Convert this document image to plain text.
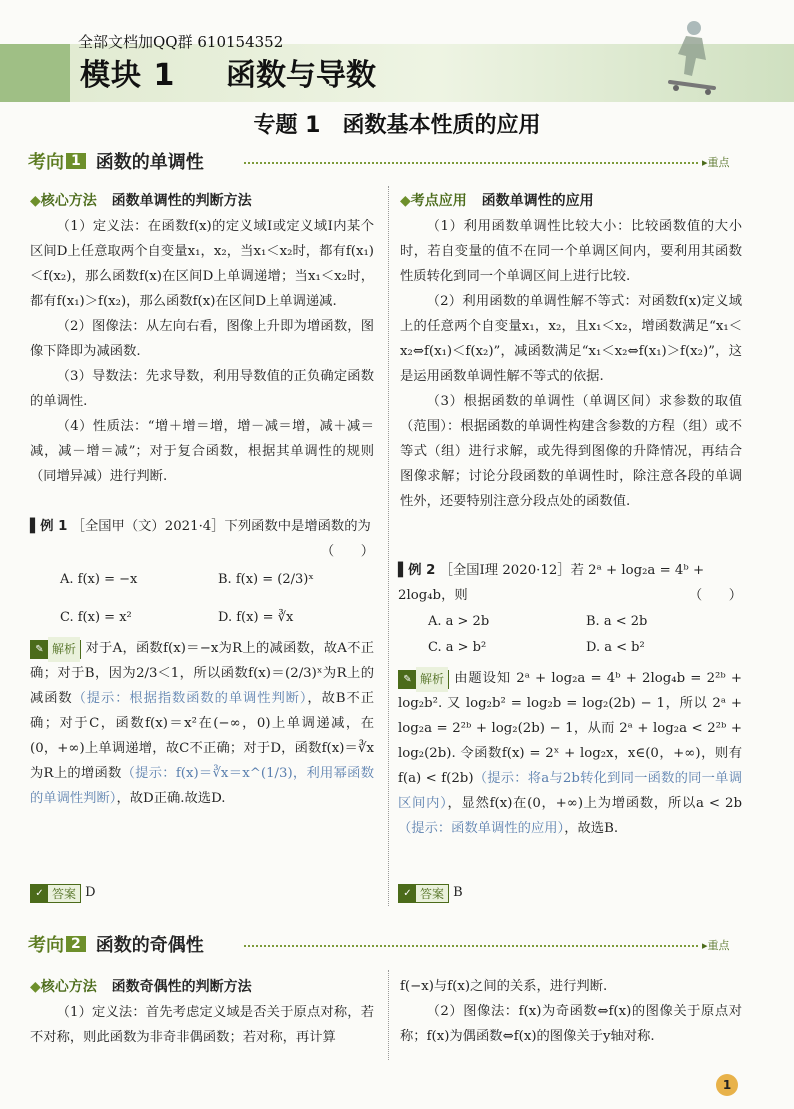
全部文档加QQ群 610154352
模块 1 函数与导数
专题 1　函数基本性质的应用
考向 1 函数的单调性	▸重点
◆核心方法 函数单调性的判断方法
（1）定义法：在函数f(x)的定义域I或定义域I内某个区间D上任意取两个自变量x₁，x₂，当x₁＜x₂时，都有f(x₁)＜f(x₂)，那么函数f(x)在区间D上单调递增；当x₁＜x₂时，都有f(x₁)＞f(x₂)，那么函数f(x)在区间D上单调递减.
（2）图像法：从左向右看，图像上升即为增函数，图像下降即为减函数.
（3）导数法：先求导数，利用导数值的正负确定函数的单调性.
（4）性质法：“增＋增＝增，增－减＝增，减＋减＝减，减－增＝减”；对于复合函数，根据其单调性的规则（同增异减）进行判断.
▌例 1 ［全国甲（文）2021·4］下列函数中是增函数的为
（　　）
A. f(x) = −x	B. f(x) = (2/3)ˣ
C. f(x) = x²	D. f(x) = ∛x
✎ 解析 对于A，函数f(x)＝−x为R上的减函数，故A不正确；对于B，因为2/3＜1，所以函数f(x)＝(2/3)ˣ为R上的减函数（提示：根据指数函数的单调性判断），故B不正确；对于C，函数f(x)＝x²在(−∞，0)上单调递减，在(0，+∞)上单调递增，故C不正确；对于D，函数f(x)＝∛x为R上的增函数（提示：f(x)＝∛x＝x^(1/3)，利用幂函数的单调性判断），故D正确.故选D.
✓ 答案 D
◆考点应用 函数单调性的应用
（1）利用函数单调性比较大小：比较函数值的大小时，若自变量的值不在同一个单调区间内，要利用其函数性质转化到同一个单调区间上进行比较.
（2）利用函数的单调性解不等式：对函数f(x)定义域上的任意两个自变量x₁，x₂，且x₁＜x₂，增函数满足“x₁＜x₂⇔f(x₁)＜f(x₂)”，减函数满足“x₁＜x₂⇔f(x₁)＞f(x₂)”，这是运用函数单调性解不等式的依据.
（3）根据函数的单调性（单调区间）求参数的取值（范围）：根据函数的单调性构建含参数的方程（组）或不等式（组）进行求解，或先得到图像的升降情况，再结合图像求解；讨论分段函数的单调性时，除注意各段的单调性外，还要特别注意分段点处的函数值.
▌例 2 ［全国Ⅰ理 2020·12］若 2ᵃ + log₂a = 4ᵇ + 2log₄b，则	（　　）
A. a > 2b	B. a < 2b
C. a > b²	D. a < b²
✎ 解析 由题设知 2ᵃ + log₂a = 4ᵇ + 2log₄b = 2²ᵇ + log₂b². 又 log₂b² = log₂b = log₂(2b) − 1，所以 2ᵃ + log₂a = 2²ᵇ + log₂(2b) − 1，从而 2ᵃ + log₂a < 2²ᵇ + log₂(2b). 令函数f(x) = 2ˣ + log₂x，x∈(0，+∞)，则有f(a) < f(2b)（提示：将a与2b转化到同一函数的同一单调区间内），显然f(x)在(0，+∞)上为增函数，所以a < 2b（提示：函数单调性的应用），故选B.
✓ 答案 B
考向 2 函数的奇偶性	▸重点
◆核心方法 函数奇偶性的判断方法
（1）定义法：首先考虑定义域是否关于原点对称，若不对称，则此函数为非奇非偶函数；若对称，再计算
f(−x)与f(x)之间的关系，进行判断.
（2）图像法：f(x)为奇函数⇔f(x)的图像关于原点对称；f(x)为偶函数⇔f(x)的图像关于y轴对称.
1
